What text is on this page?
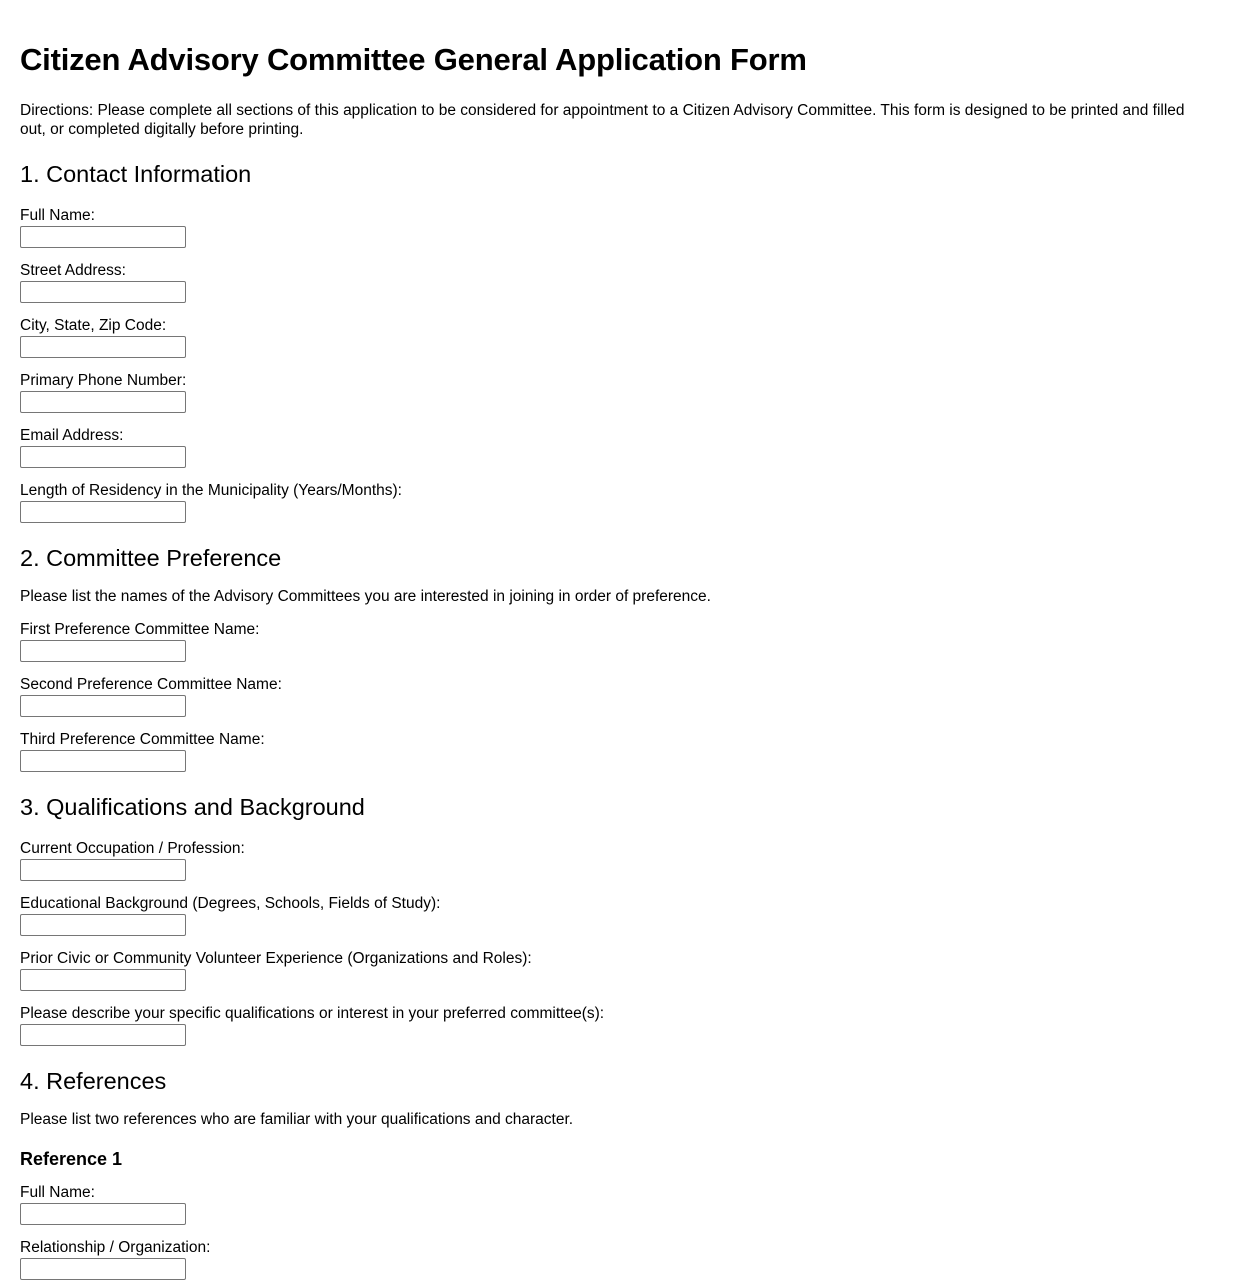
Citizen Advisory Committee General Application Form

Directions: Please complete all sections of this application to be considered for appointment to a Citizen Advisory Committee. This form is designed to be printed and filled out, or completed digitally before printing.

1. Contact Information
Full Name:
Street Address:
City, State, Zip Code:
Primary Phone Number:
Email Address:
Length of Residency in the Municipality (Years/Months):
2. Committee Preference

Please list the names of the Advisory Committees you are interested in joining in order of preference.

First Preference Committee Name:
Second Preference Committee Name:
Third Preference Committee Name:
3. Qualifications and Background
Current Occupation / Profession:
Educational Background (Degrees, Schools, Fields of Study):
Prior Civic or Community Volunteer Experience (Organizations and Roles):
Please describe your specific qualifications or interest in your preferred committee(s):
4. References

Please list two references who are familiar with your qualifications and character.

Reference 1
Full Name:
Relationship / Organization:
